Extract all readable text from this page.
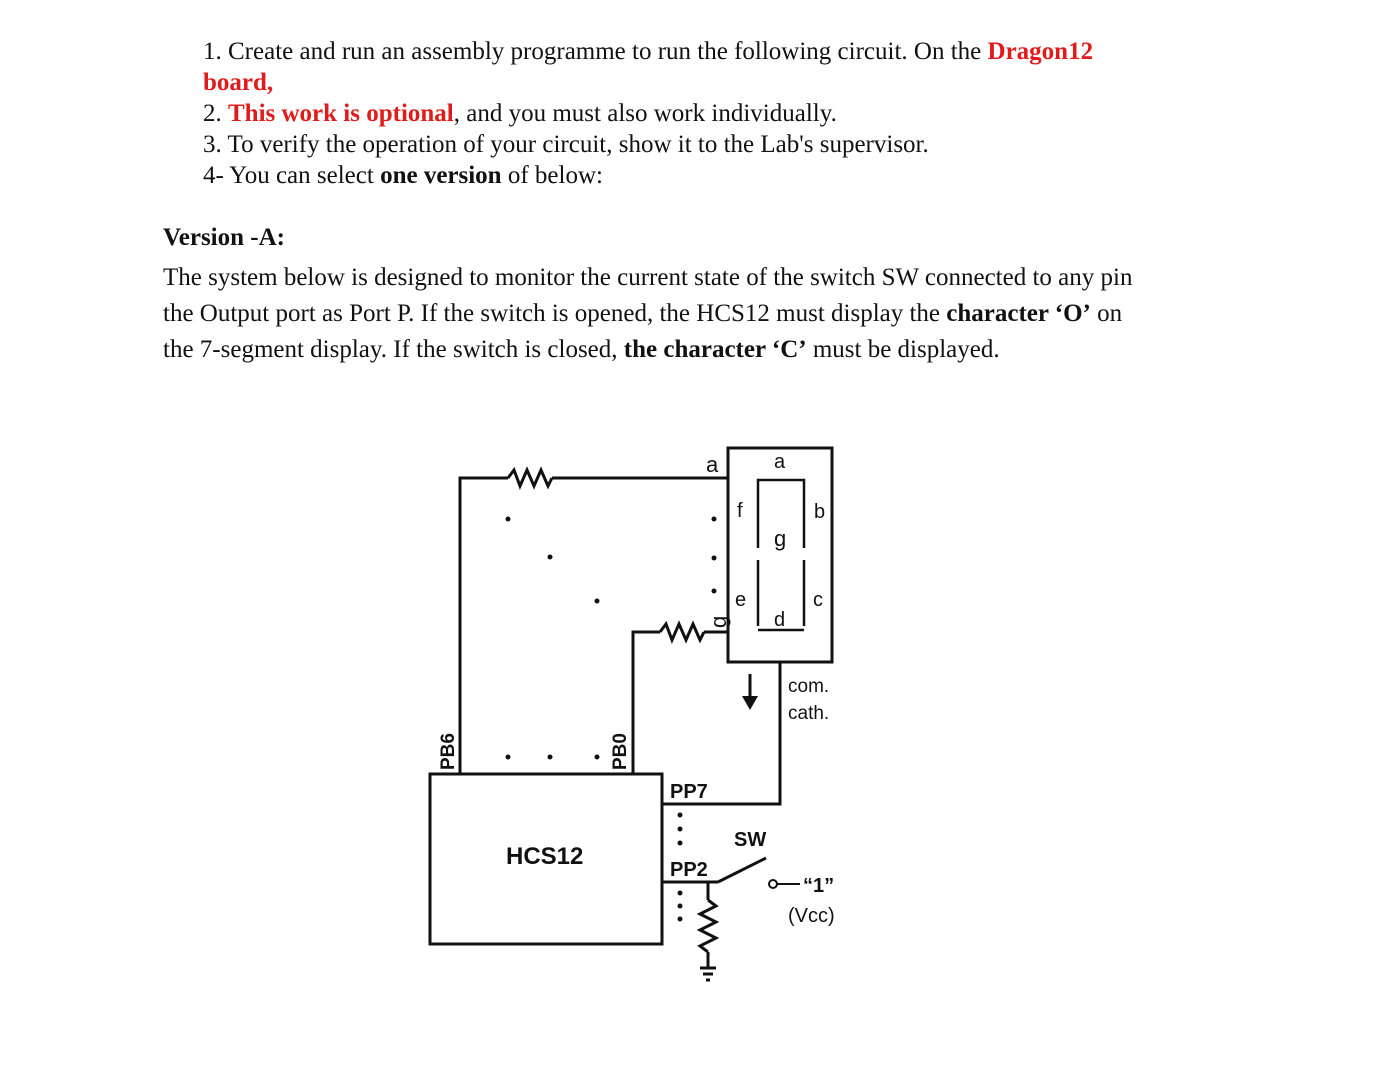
1. Create and run an assembly programme to run the following circuit. On the Dragon12
board,

2. This work is optional, and you must also work individually.

3. To verify the operation of your circuit, show it to the Lab's supervisor.

4- You can select one version of below:

Version -A:

The system below is designed to monitor the current state of the switch SW connected to any pin

the Output port as Port P. If the switch is opened, the HCS12 must display the character ‘O’ on

the 7-segment display. If the switch is closed, the character ‘C’ must be displayed.

HCS12
PB6	PB0
PP7
PP2
SW
a
g
a
f	b
g
e	c
d
com.
cath.
“1”
(Vcc)
